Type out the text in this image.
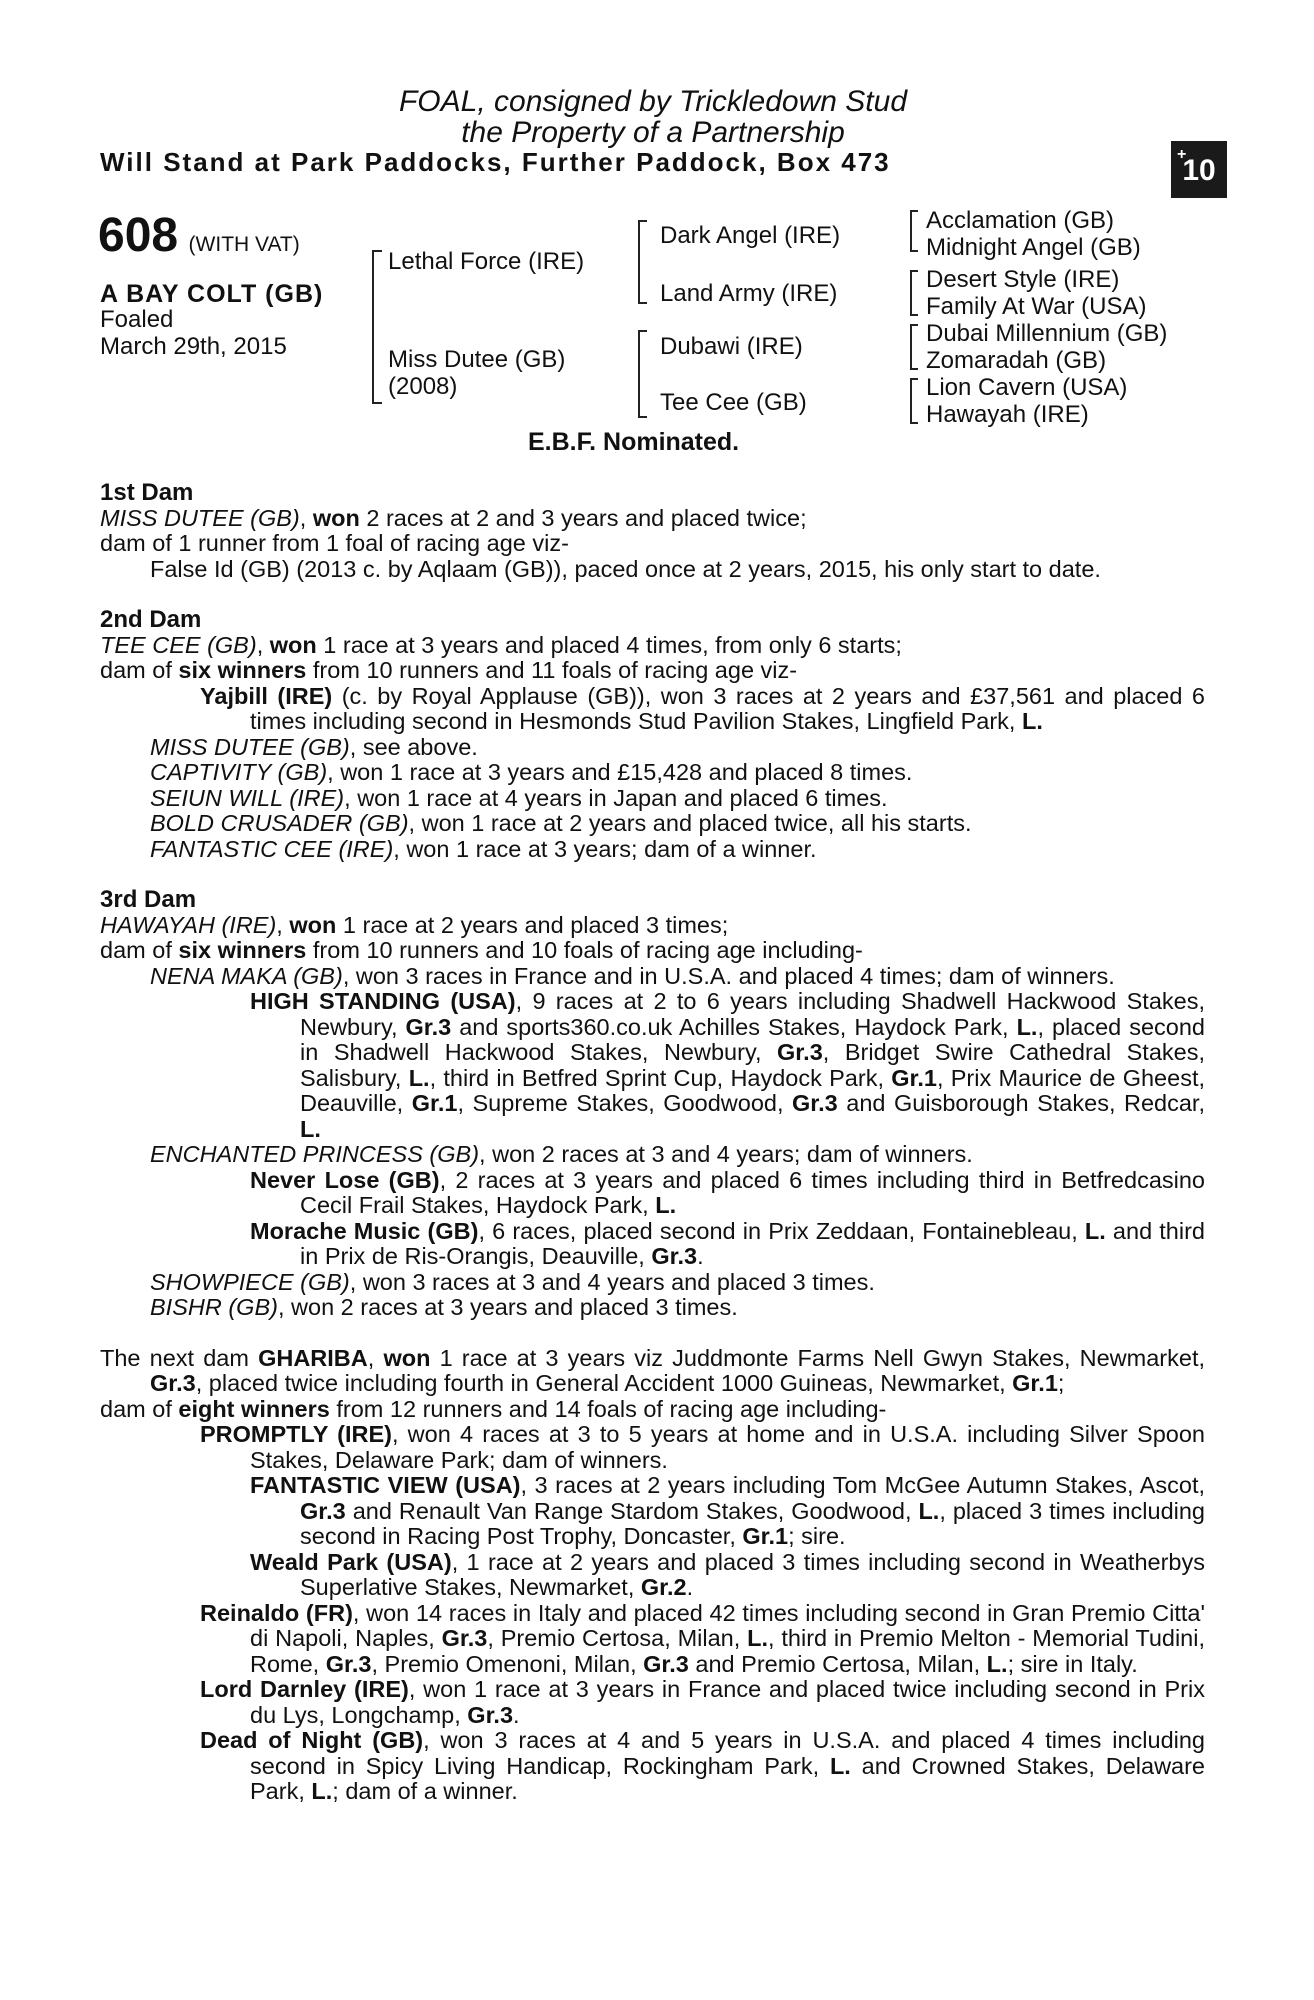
FOAL, consigned by Trickledown Stud
the Property of a Partnership
Will Stand at Park Paddocks, Further Paddock, Box 473	+
10
608 (WITH VAT)
A BAY COLT (GB)
Foaled
March 29th, 2015
Lethal Force (IRE)
Miss Dutee (GB)
(2008)
Dark Angel (IRE)
Land Army (IRE)
Dubawi (IRE)
Tee Cee (GB)
Acclamation (GB)
Midnight Angel (GB)
Desert Style (IRE)
Family At War (USA)
Dubai Millennium (GB)
Zomaradah (GB)
Lion Cavern (USA)
Hawayah (IRE)
E.B.F. Nominated.

1st Dam

MISS DUTEE (GB), won 2 races at 2 and 3 years and placed twice;

dam of 1 runner from 1 foal of racing age viz-

False Id (GB) (2013 c. by Aqlaam (GB)), paced once at 2 years, 2015, his only start to date.

2nd Dam

TEE CEE (GB), won 1 race at 3 years and placed 4 times, from only 6 starts;

dam of six winners from 10 runners and 11 foals of racing age viz-

Yajbill (IRE) (c. by Royal Applause (GB)), won 3 races at 2 years and £37,561 and placed 6 times including second in Hesmonds Stud Pavilion Stakes, Lingfield Park, L.

MISS DUTEE (GB), see above.

CAPTIVITY (GB), won 1 race at 3 years and £15,428 and placed 8 times.

SEIUN WILL (IRE), won 1 race at 4 years in Japan and placed 6 times.

BOLD CRUSADER (GB), won 1 race at 2 years and placed twice, all his starts.

FANTASTIC CEE (IRE), won 1 race at 3 years; dam of a winner.

3rd Dam

HAWAYAH (IRE), won 1 race at 2 years and placed 3 times;

dam of six winners from 10 runners and 10 foals of racing age including-

NENA MAKA (GB), won 3 races in France and in U.S.A. and placed 4 times; dam of winners.

HIGH STANDING (USA), 9 races at 2 to 6 years including Shadwell Hackwood Stakes, Newbury, Gr.3 and sports360.co.uk Achilles Stakes, Haydock Park, L., placed second in Shadwell Hackwood Stakes, Newbury, Gr.3, Bridget Swire Cathedral Stakes, Salisbury, L., third in Betfred Sprint Cup, Haydock Park, Gr.1, Prix Maurice de Gheest, Deauville, Gr.1, Supreme Stakes, Goodwood, Gr.3 and Guisborough Stakes, Redcar, L.

ENCHANTED PRINCESS (GB), won 2 races at 3 and 4 years; dam of winners.

Never Lose (GB), 2 races at 3 years and placed 6 times including third in Betfredcasino Cecil Frail Stakes, Haydock Park, L.

Morache Music (GB), 6 races, placed second in Prix Zeddaan, Fontainebleau, L. and third in Prix de Ris-Orangis, Deauville, Gr.3.

SHOWPIECE (GB), won 3 races at 3 and 4 years and placed 3 times.

BISHR (GB), won 2 races at 3 years and placed 3 times.

The next dam GHARIBA, won 1 race at 3 years viz Juddmonte Farms Nell Gwyn Stakes, Newmarket, Gr.3, placed twice including fourth in General Accident 1000 Guineas, Newmarket, Gr.1;

dam of eight winners from 12 runners and 14 foals of racing age including-

PROMPTLY (IRE), won 4 races at 3 to 5 years at home and in U.S.A. including Silver Spoon Stakes, Delaware Park; dam of winners.

FANTASTIC VIEW (USA), 3 races at 2 years including Tom McGee Autumn Stakes, Ascot, Gr.3 and Renault Van Range Stardom Stakes, Goodwood, L., placed 3 times including second in Racing Post Trophy, Doncaster, Gr.1; sire.

Weald Park (USA), 1 race at 2 years and placed 3 times including second in Weatherbys Superlative Stakes, Newmarket, Gr.2.

Reinaldo (FR), won 14 races in Italy and placed 42 times including second in Gran Premio Citta' di Napoli, Naples, Gr.3, Premio Certosa, Milan, L., third in Premio Melton - Memorial Tudini, Rome, Gr.3, Premio Omenoni, Milan, Gr.3 and Premio Certosa, Milan, L.; sire in Italy.

Lord Darnley (IRE), won 1 race at 3 years in France and placed twice including second in Prix du Lys, Longchamp, Gr.3.

Dead of Night (GB), won 3 races at 4 and 5 years in U.S.A. and placed 4 times including second in Spicy Living Handicap, Rockingham Park, L. and Crowned Stakes, Delaware Park, L.; dam of a winner.
